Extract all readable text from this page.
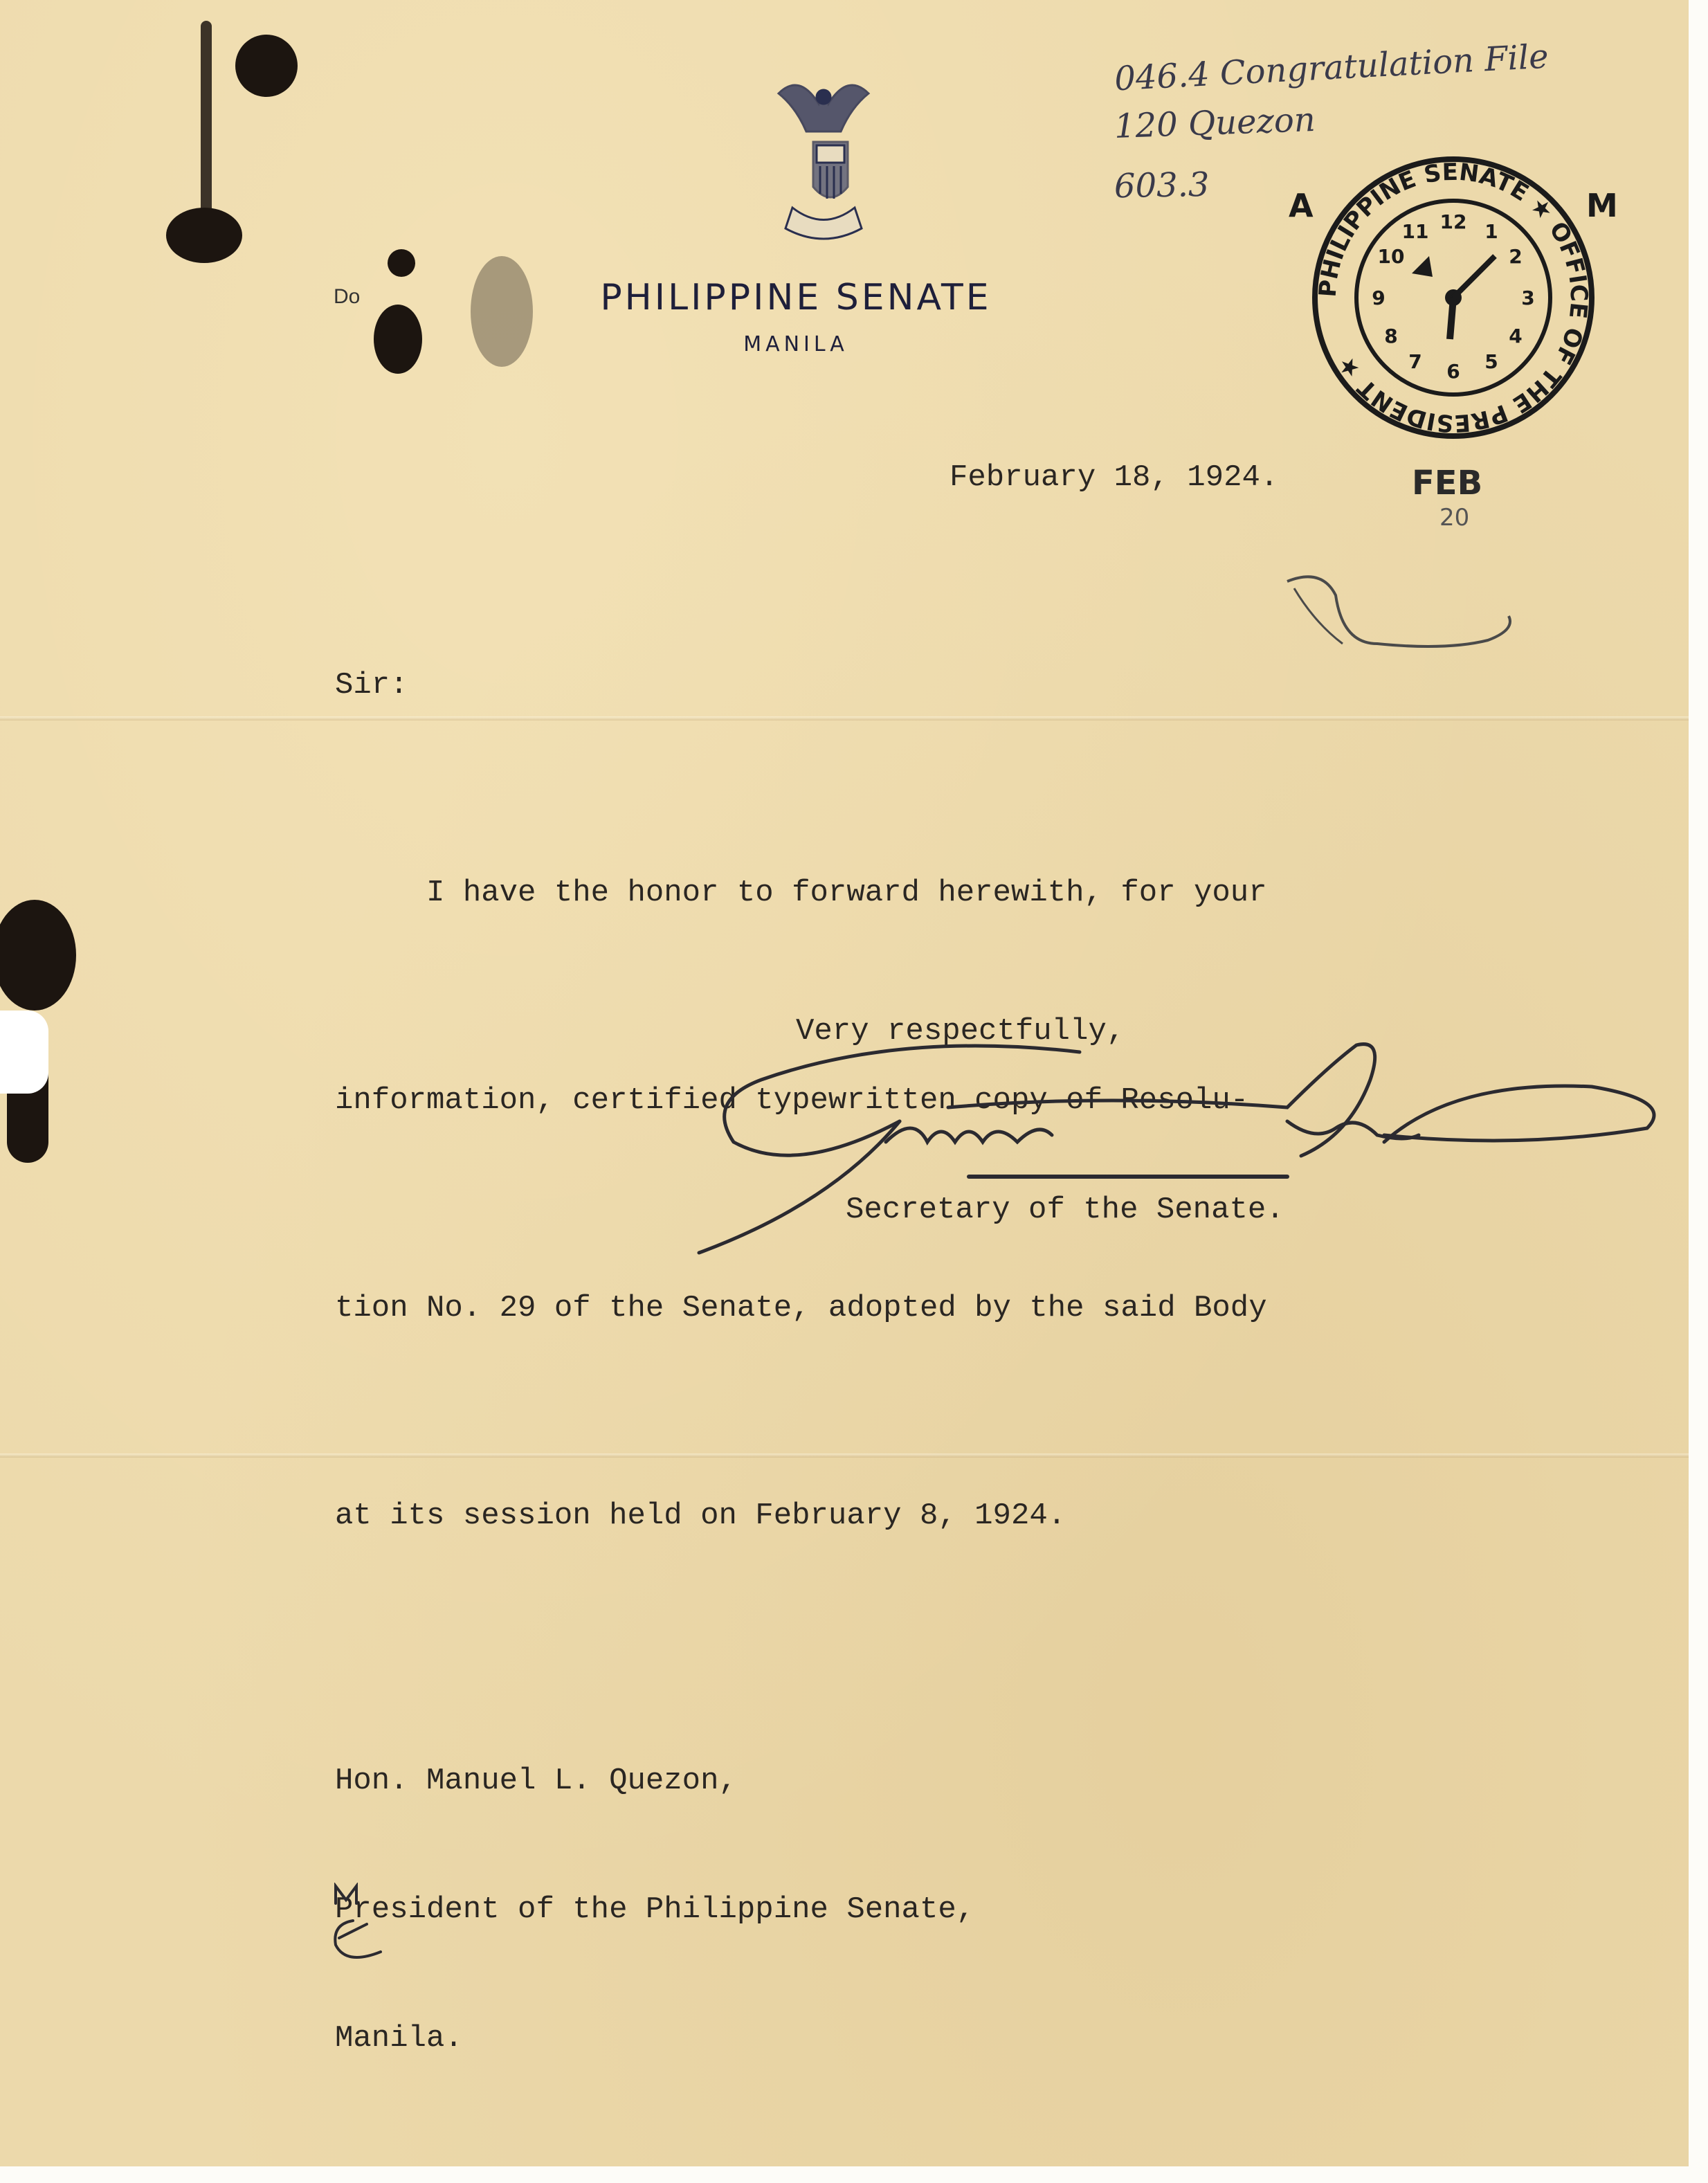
Do	PHILIPPINE SENATE
MANILA
046.4 Congratulation File
120 Quezon
603.3 A	M
PHILIPPINE SENATE ★ OFFICE OF THE PRESIDENT ★
12 1
2
3
4
5
6
7
8
9
10
11
FEB
20
February 18, 1924.
Sir:

I have the honor to forward herewith, for your

information, certified typewritten copy of Resolu-

tion No. 29 of the Senate, adopted by the said Body

at its session held on February 8, 1924.

Very respectfully,
Secretary of the Senate.

Hon. Manuel L. Quezon,

President of the Philippine Senate,

Manila.
